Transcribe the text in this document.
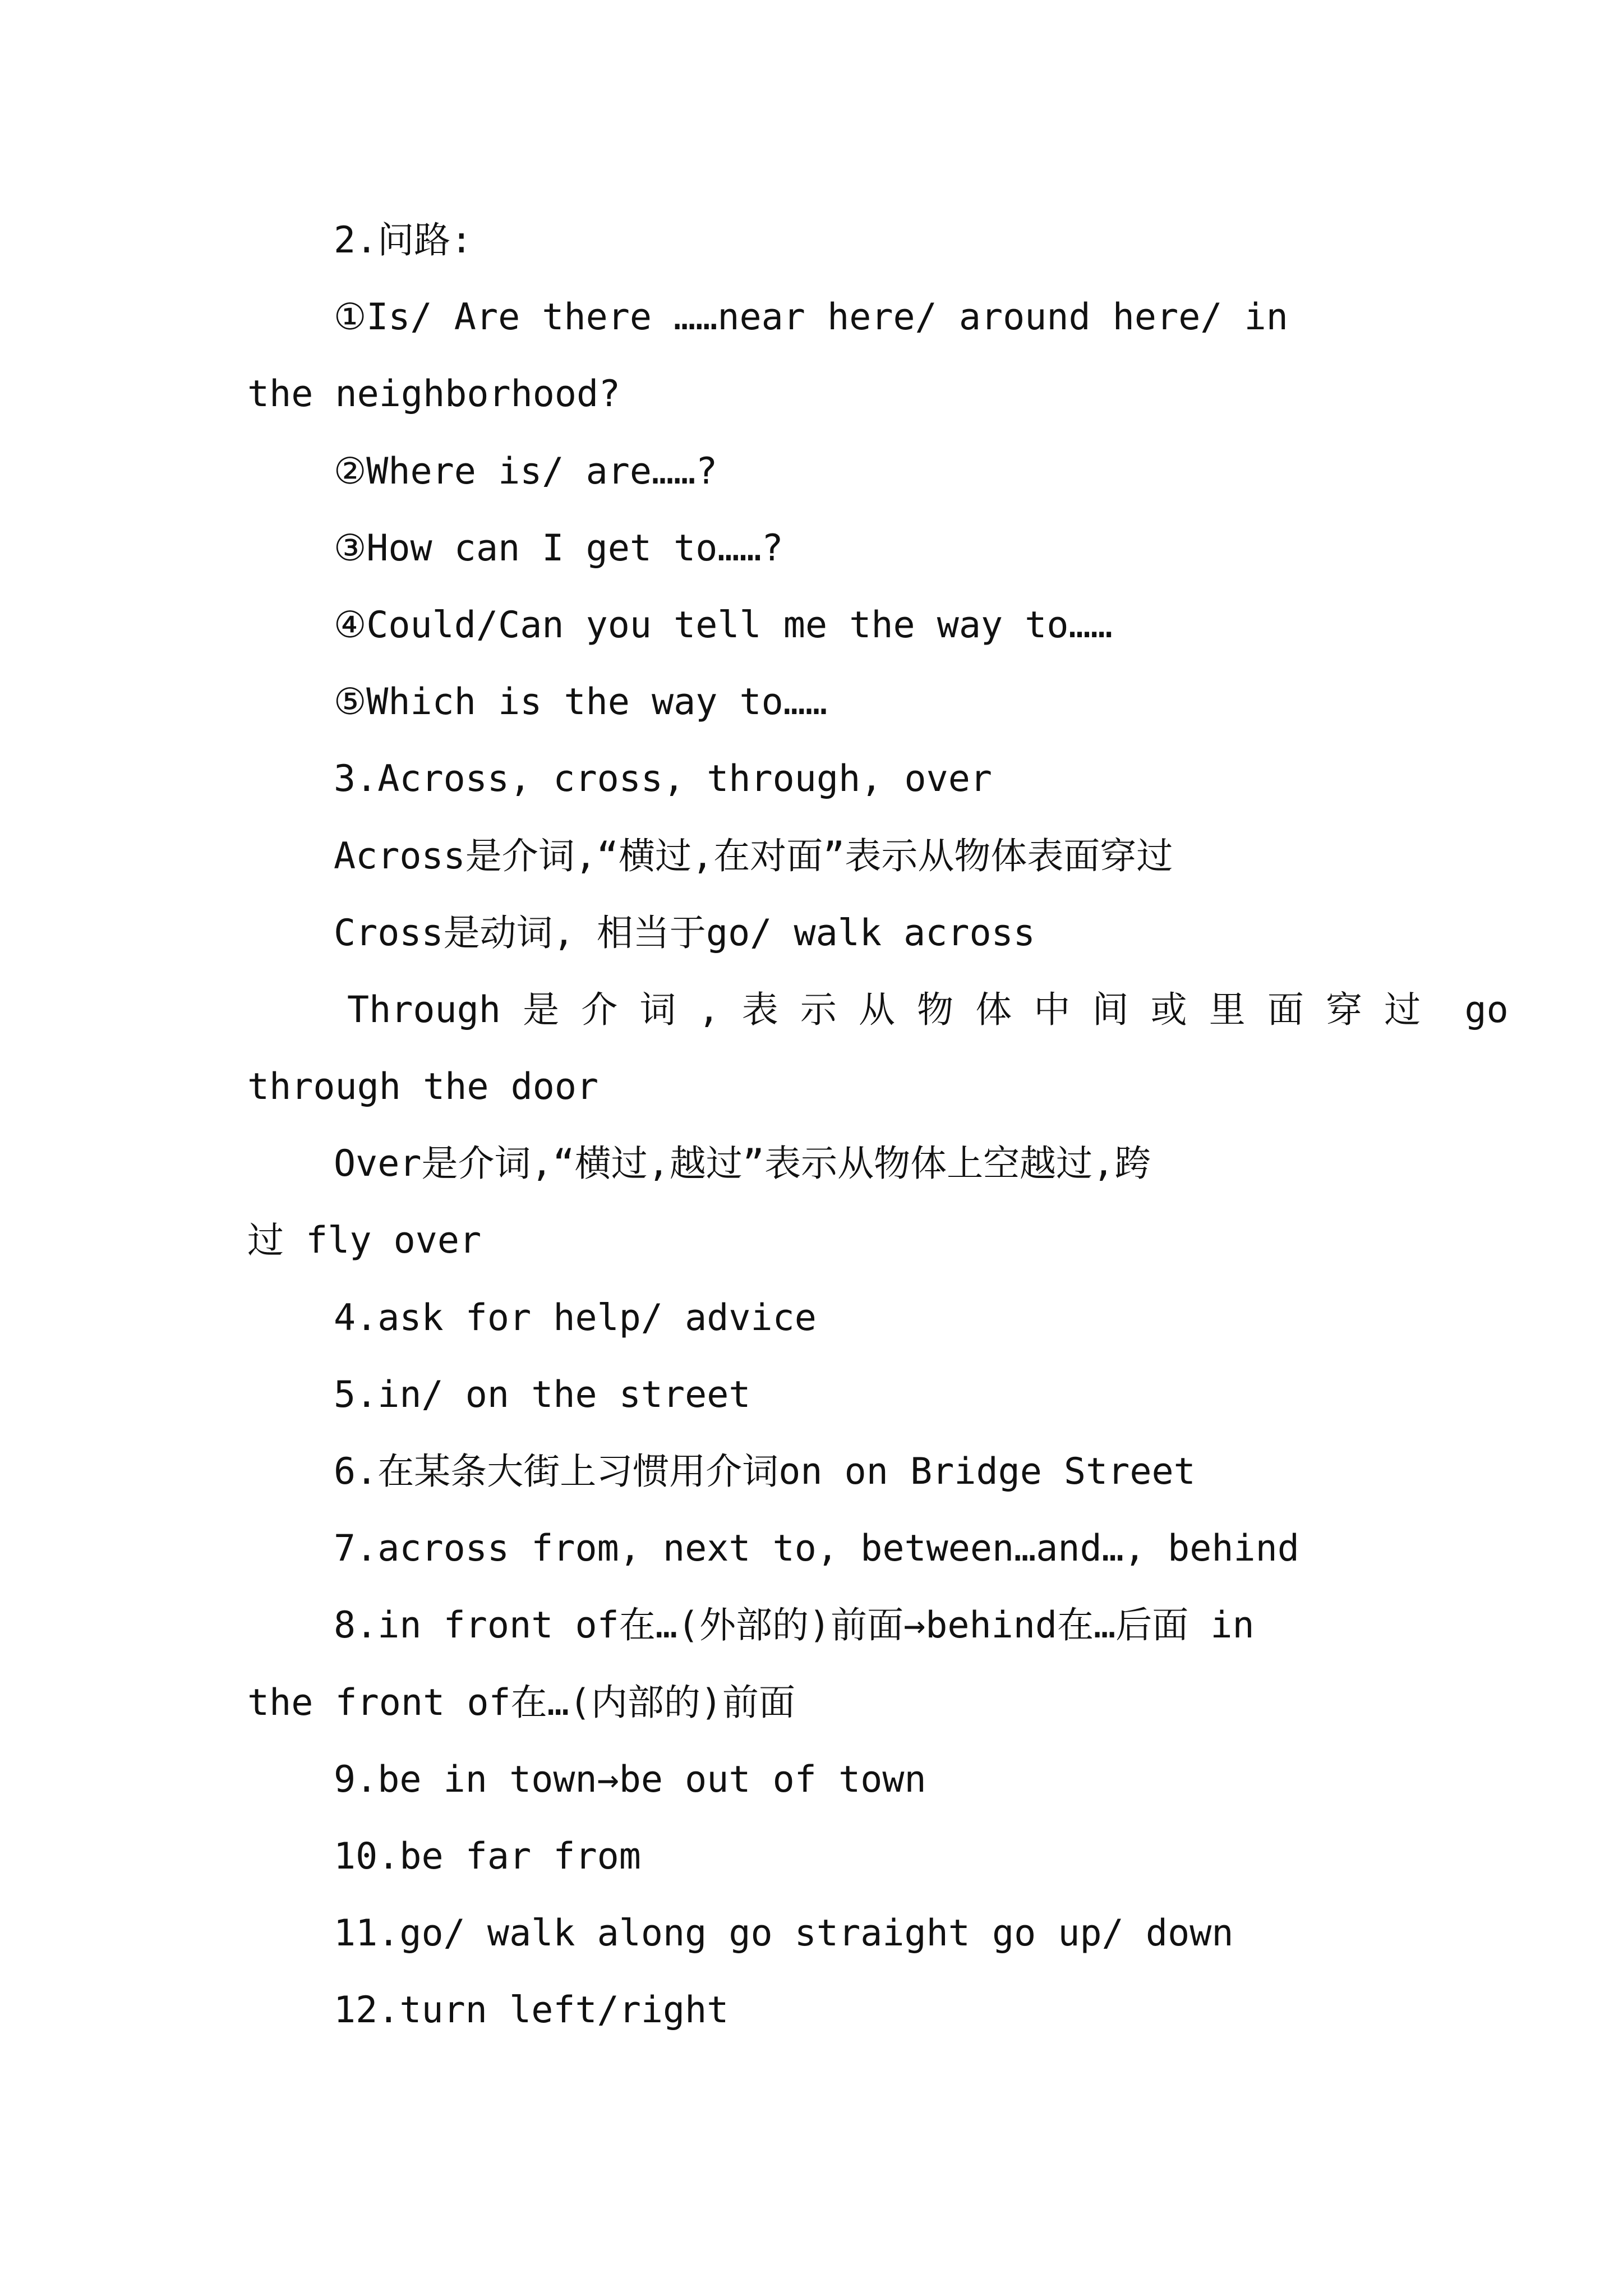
2.问路:
①Is/ Are there ……near here/ around here/ in
the neighborhood?
②Where is/ are……?
③How can I get to……?
④Could/Can you tell me the way to……
⑤Which is the way to……
3.Across, cross, through, over
Across是介词,“横过,在对面”表示从物体表面穿过
Cross是动词, 相当于go/ walk across
Through 是 介 词 , 表 示 从 物 体 中 间 或 里 面 穿 过  go
through the door
Over是介词,“横过,越过”表示从物体上空越过,跨
过 fly over
4.ask for help/ advice
5.in/ on the street
6.在某条大街上习惯用介词on on Bridge Street
7.across from, next to, between…and…, behind
8.in front of在…(外部的)前面→behind在…后面 in
the front of在…(内部的)前面
9.be in town→be out of town
10.be far from
11.go/ walk along go straight go up/ down
12.turn left/right
